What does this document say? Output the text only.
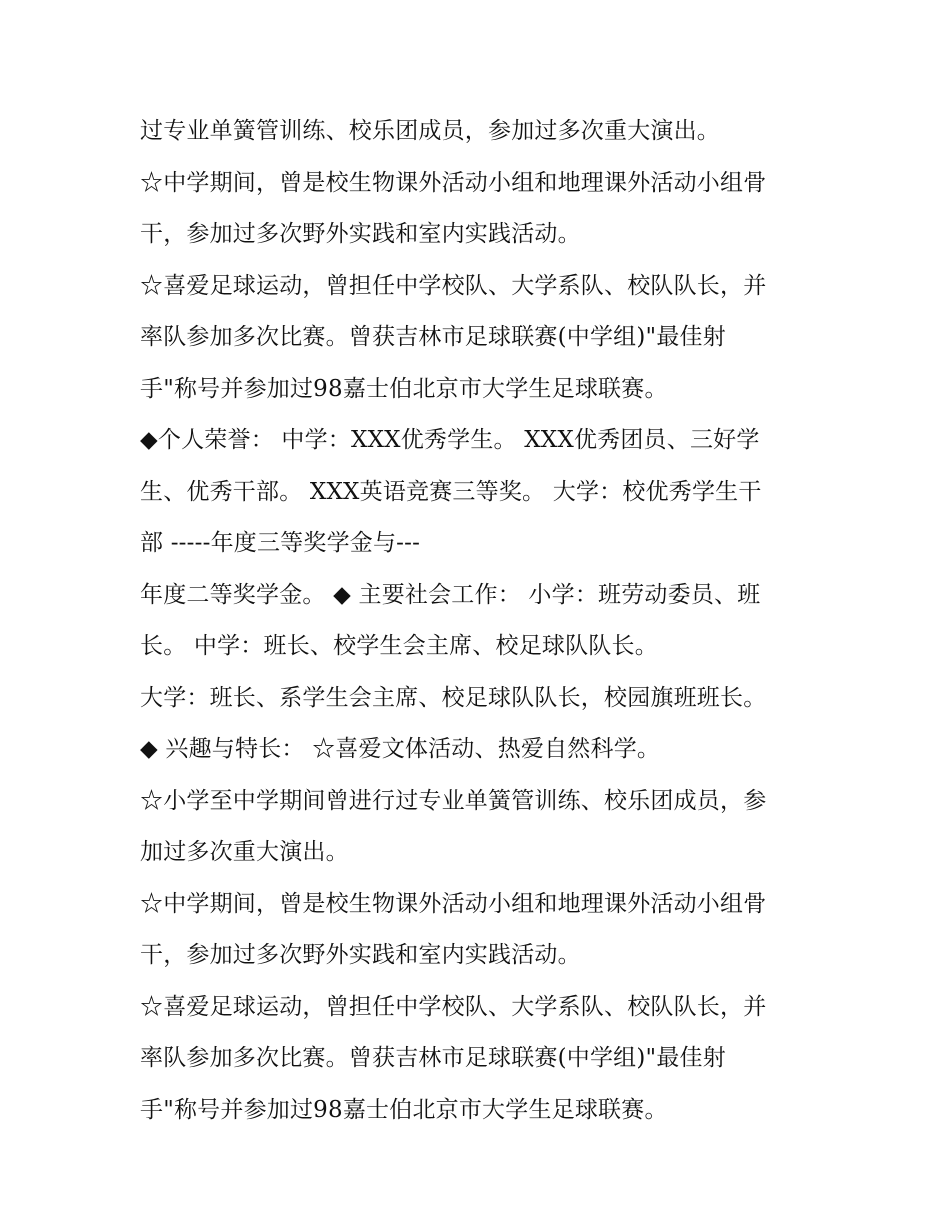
过专业单簧管训练、校乐团成员，参加过多次重大演出。
☆中学期间，曾是校生物课外活动小组和地理课外活动小组骨
干，参加过多次野外实践和室内实践活动。
☆喜爱足球运动，曾担任中学校队、大学系队、校队队长，并
率队参加多次比赛。曾获吉林市足球联赛(中学组)"最佳射
手"称号并参加过98嘉士伯北京市大学生足球联赛。
◆个人荣誉： 中学：XXX优秀学生。 XXX优秀团员、三好学
生、优秀干部。 XXX英语竞赛三等奖。 大学：校优秀学生干
部 -----年度三等奖学金与---
年度二等奖学金。 ◆ 主要社会工作： 小学：班劳动委员、班
长。 中学：班长、校学生会主席、校足球队队长。
大学：班长、系学生会主席、校足球队队长，校园旗班班长。
◆ 兴趣与特长： ☆喜爱文体活动、热爱自然科学。
☆小学至中学期间曾进行过专业单簧管训练、校乐团成员，参
加过多次重大演出。
☆中学期间，曾是校生物课外活动小组和地理课外活动小组骨
干，参加过多次野外实践和室内实践活动。
☆喜爱足球运动，曾担任中学校队、大学系队、校队队长，并
率队参加多次比赛。曾获吉林市足球联赛(中学组)"最佳射
手"称号并参加过98嘉士伯北京市大学生足球联赛。
